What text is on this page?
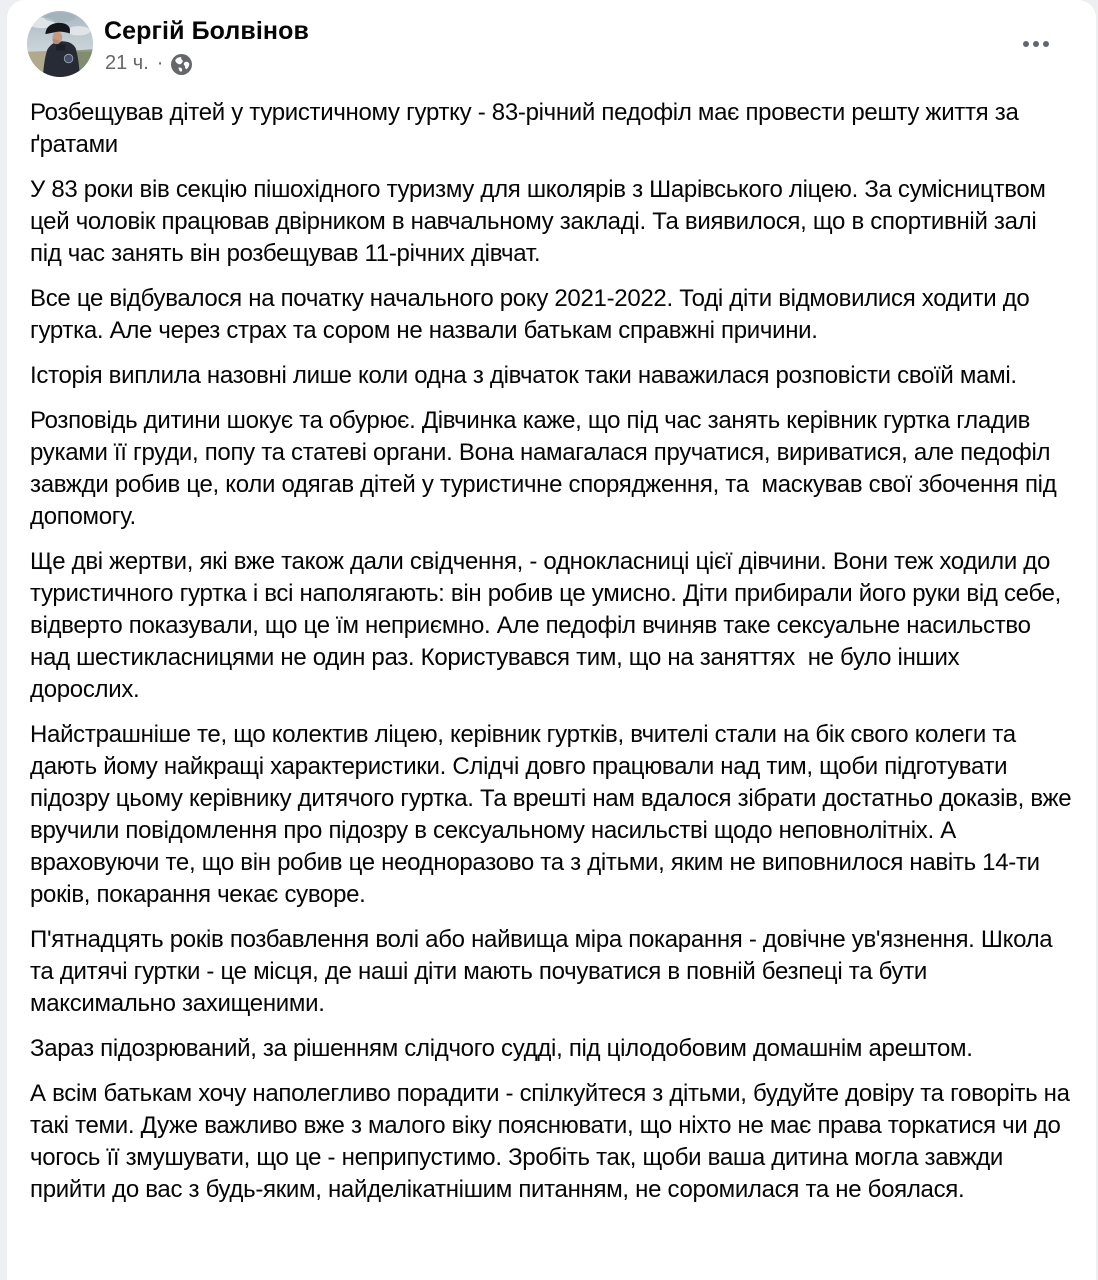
Сергій Болвінов
21 ч. ·

Розбещував дітей у туристичному гуртку - 83-річний педофіл має провести решту життя за ґратами

У 83 роки вів секцію пішохідного туризму для школярів з Шарівського ліцею. За сумісництвом цей чоловік працював двірником в навчальному закладі. Та виявилося, що в спортивній залі під час занять він розбещував 11-річних дівчат.

Все це відбувалося на початку начального року 2021-2022. Тоді діти відмовилися ходити до гуртка. Але через страх та сором не назвали батькам справжні причини.

Історія виплила назовні лише коли одна з дівчаток таки наважилася розповісти своїй мамі.

Розповідь дитини шокує та обурює. Дівчинка каже, що під час занять керівник гуртка гладив руками її груди, попу та статеві органи. Вона намагалася пручатися, вириватися, але педофіл завжди робив це, коли одягав дітей у туристичне спорядження, та  маскував свої збочення під допомогу.

Ще дві жертви, які вже також дали свідчення, - однокласниці цієї дівчини. Вони теж ходили до туристичного гуртка і всі наполягають: він робив це умисно. Діти прибирали його руки від себе, відверто показували, що це їм неприємно. Але педофіл вчиняв таке сексуальне насильство над шестикласницями не один раз. Користувався тим, що на заняттях  не було інших дорослих.

Найстрашніше те, що колектив ліцею, керівник гуртків, вчителі стали на бік свого колеги та дають йому найкращі характеристики. Слідчі довго працювали над тим, щоби підготувати підозру цьому керівнику дитячого гуртка. Та врешті нам вдалося зібрати достатньо доказів, вже вручили повідомлення про підозру в сексуальному насильстві щодо неповнолітніх. А враховуючи те, що він робив це неодноразово та з дітьми, яким не виповнилося навіть 14-ти років, покарання чекає суворе.

П'ятнадцять років позбавлення волі або найвища міра покарання - довічне ув'язнення. Школа та дитячі гуртки - це місця, де наші діти мають почуватися в повній безпеці та бути максимально захищеними.

Зараз підозрюваний, за рішенням слідчого судді, під цілодобовим домашнім арештом.

А всім батькам хочу наполегливо порадити - спілкуйтеся з дітьми, будуйте довіру та говоріть на такі теми. Дуже важливо вже з малого віку пояснювати, що ніхто не має права торкатися чи до чогось її змушувати, що це - неприпустимо. Зробіть так, щоби ваша дитина могла завжди прийти до вас з будь-яким, найделікатнішим питанням, не соромилася та не боялася.
